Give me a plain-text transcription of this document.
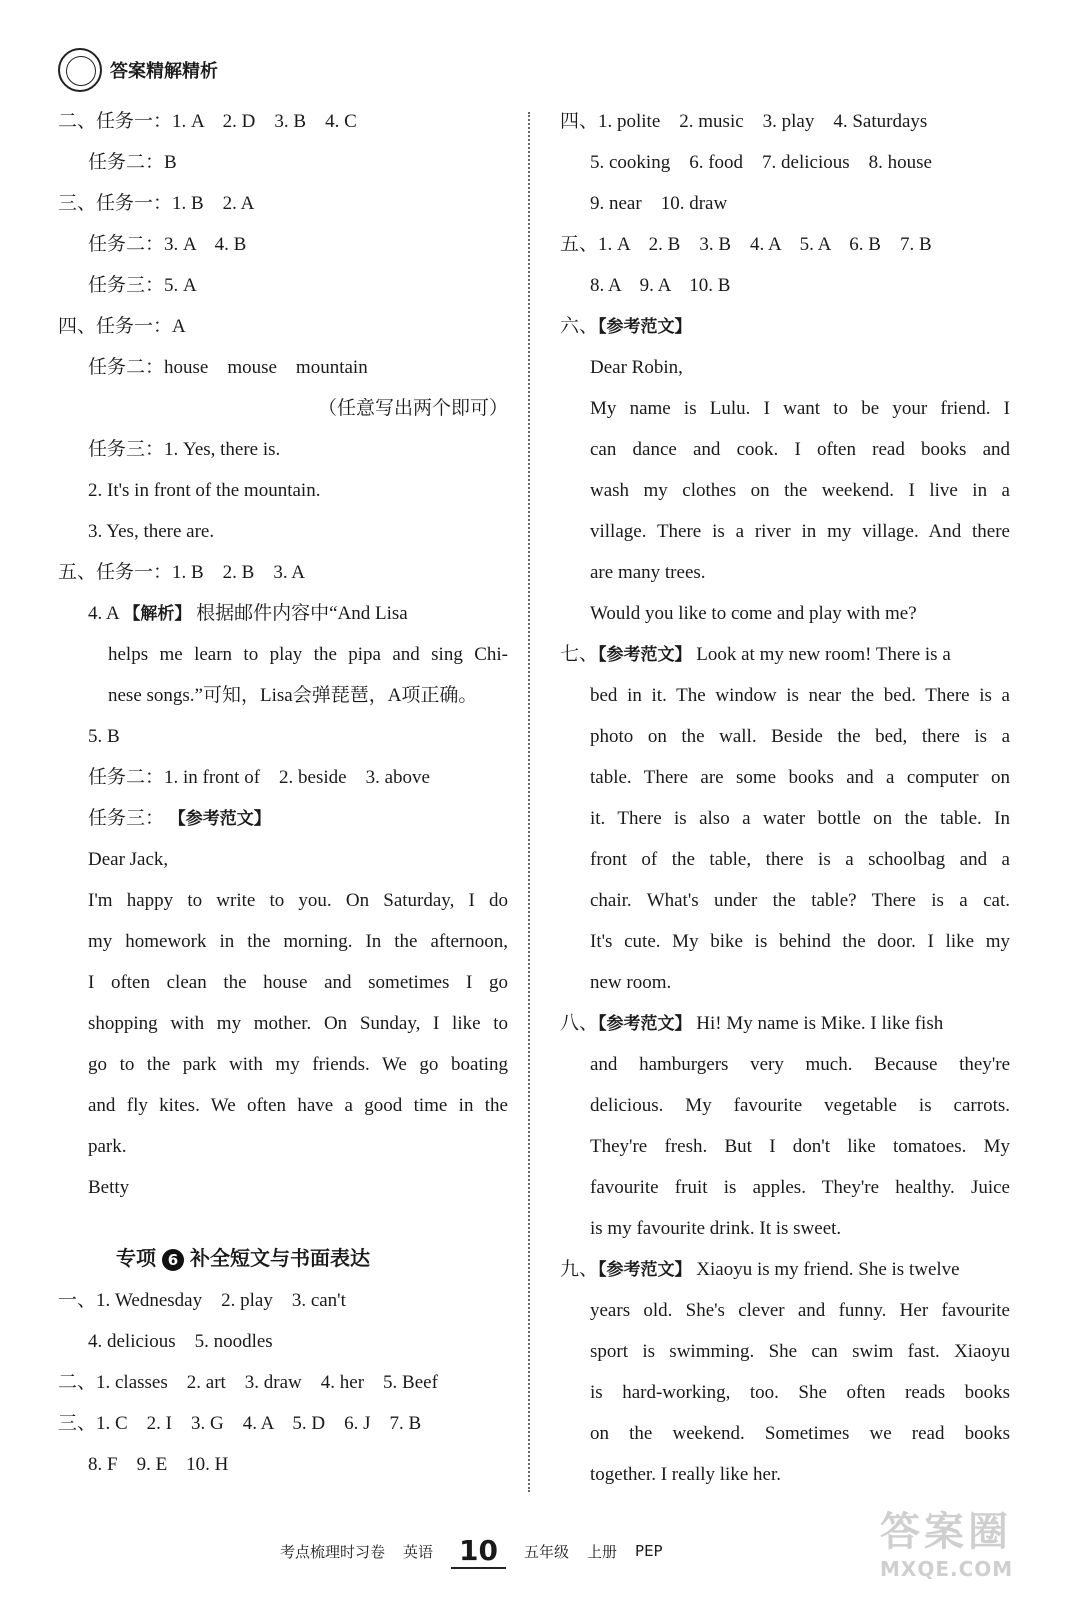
答案精解精析
二、任务一：1. A　2. D　3. B　4. C
任务二：B
三、任务一：1. B　2. A
任务二：3. A　4. B
任务三：5. A
四、任务一：A
任务二：house　mouse　mountain
（任意写出两个即可）
任务三：1. Yes, there is.
2. It's in front of the mountain.
3. Yes, there are.
五、任务一：1. B　2. B　3. A
4. A 【解析】 根据邮件内容中“And Lisa
helps me learn to play the pipa and sing Chi-
nese songs.”可知，Lisa会弹琵琶，A项正确。
5. B
任务二：1. in front of　2. beside　3. above
任务三： 【参考范文】
Dear Jack,
I'm happy to write to you. On Saturday, I do
my homework in the morning. In the afternoon,
I often clean the house and sometimes I go
shopping with my mother. On Sunday, I like to
go to the park with my friends. We go boating
and fly kites. We often have a good time in the
park.
Betty
专项 6 补全短文与书面表达
一、1. Wednesday　2. play　3. can't
4. delicious　5. noodles
二、1. classes　2. art　3. draw　4. her　5. Beef
三、1. C　2. I　3. G　4. A　5. D　6. J　7. B
8. F　9. E　10. H
四、1. polite　2. music　3. play　4. Saturdays
5. cooking　6. food　7. delicious　8. house
9. near　10. draw
五、1. A　2. B　3. B　4. A　5. A　6. B　7. B
8. A　9. A　10. B
六、【参考范文】
Dear Robin,
My name is Lulu. I want to be your friend. I
can dance and cook. I often read books and
wash my clothes on the weekend. I live in a
village. There is a river in my village. And there
are many trees.
Would you like to come and play with me?
七、【参考范文】 Look at my new room! There is a
bed in it. The window is near the bed. There is a
photo on the wall. Beside the bed, there is a
table. There are some books and a computer on
it. There is also a water bottle on the table. In
front of the table, there is a schoolbag and a
chair. What's under the table? There is a cat.
It's cute. My bike is behind the door. I like my
new room.
八、【参考范文】 Hi! My name is Mike. I like fish
and hamburgers very much. Because they're
delicious. My favourite vegetable is carrots.
They're fresh. But I don't like tomatoes. My
favourite fruit is apples. They're healthy. Juice
is my favourite drink. It is sweet.
九、【参考范文】 Xiaoyu is my friend. She is twelve
years old. She's clever and funny. Her favourite
sport is swimming. She can swim fast. Xiaoyu
is hard-working, too. She often reads books
on the weekend. Sometimes we read books
together. I really like her.
考点梳理时习卷 英语 10	五年级 上册 PEP	答案圈
MXQE.COM
